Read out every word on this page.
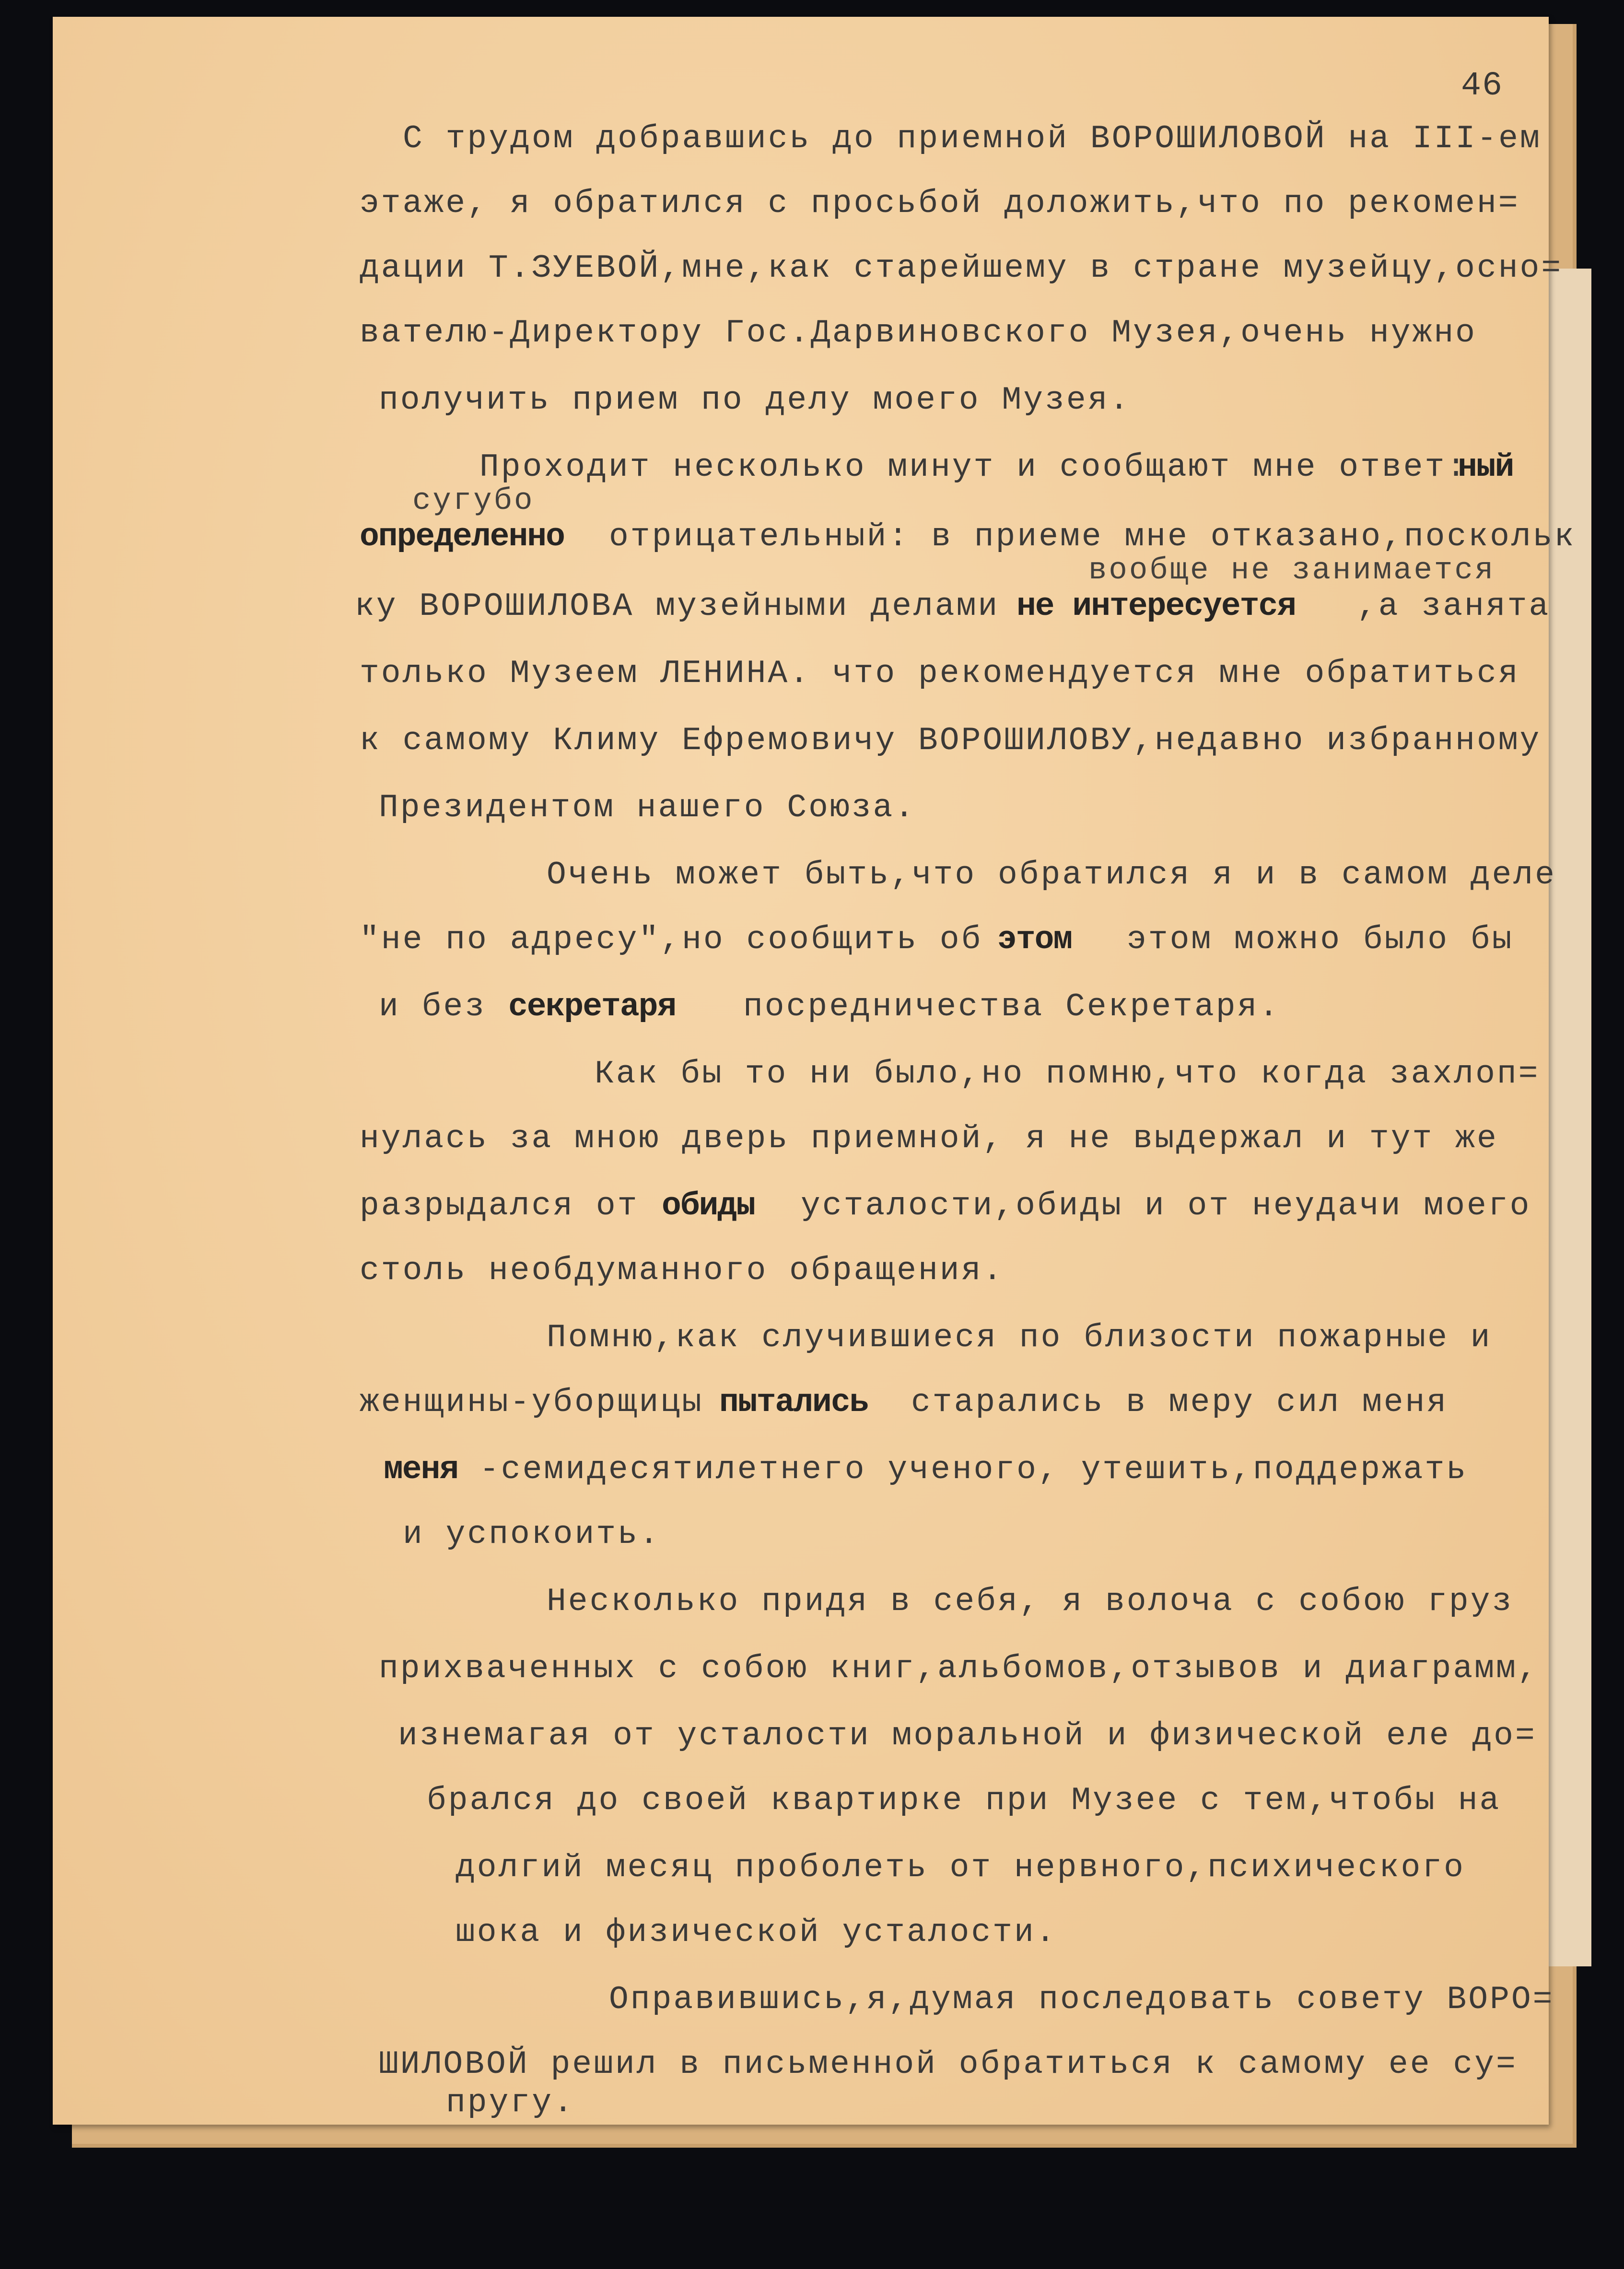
46
С трудом добравшись до приемной ВОРОШИЛОВОЙ на III-ем
этаже, я обратился с просьбой доложить,что по рекомен=
дации Т.ЗУЕВОЙ,мне,как старейшему в стране музейцу,осно=
вателю-Директору Гос.Дарвиновского Музея,очень нужно
получить прием по делу моего Музея.
Проходит несколько минут и сообщают мне ответ:
ный
сугубо
определенно отрицательный: в приеме мне отказано,поскольк
вообще не занимается
ку ВОРОШИЛОВА музейными делами не интересуется ,а занята
только Музеем ЛЕНИНА. что рекомендуется мне обратиться
к самому Климу Ефремовичу ВОРОШИЛОВУ,недавно избранному
Президентом нашего Союза.
Очень может быть,что обратился я и в самом деле
"не по адресу",но сообщить об этом этом можно было бы
и без секретаря посредничества Секретаря.
Как бы то ни было,но помню,что когда захлоп=
нулась за мною дверь приемной, я не выдержал и тут же
разрыдался от обиды усталости,обиды и от неудачи моего
столь необдуманного обращения.
Помню,как случившиеся по близости пожарные и
женщины-уборщицы пытались старались в меру сил меня
меня -семидесятилетнего ученого, утешить,поддержать
и успокоить.
Несколько придя в себя, я волоча с собою груз
прихваченных с собою книг,альбомов,отзывов и диаграмм,
изнемагая от усталости моральной и физической еле до=
брался до своей квартирке при Музее с тем,чтобы на
долгий месяц проболеть от нервного,психического
шока и физической усталости.
Оправившись,я,думая последовать совету ВОРО=
ШИЛОВОЙ решил в письменной обратиться к самому ее су=
пругу.
